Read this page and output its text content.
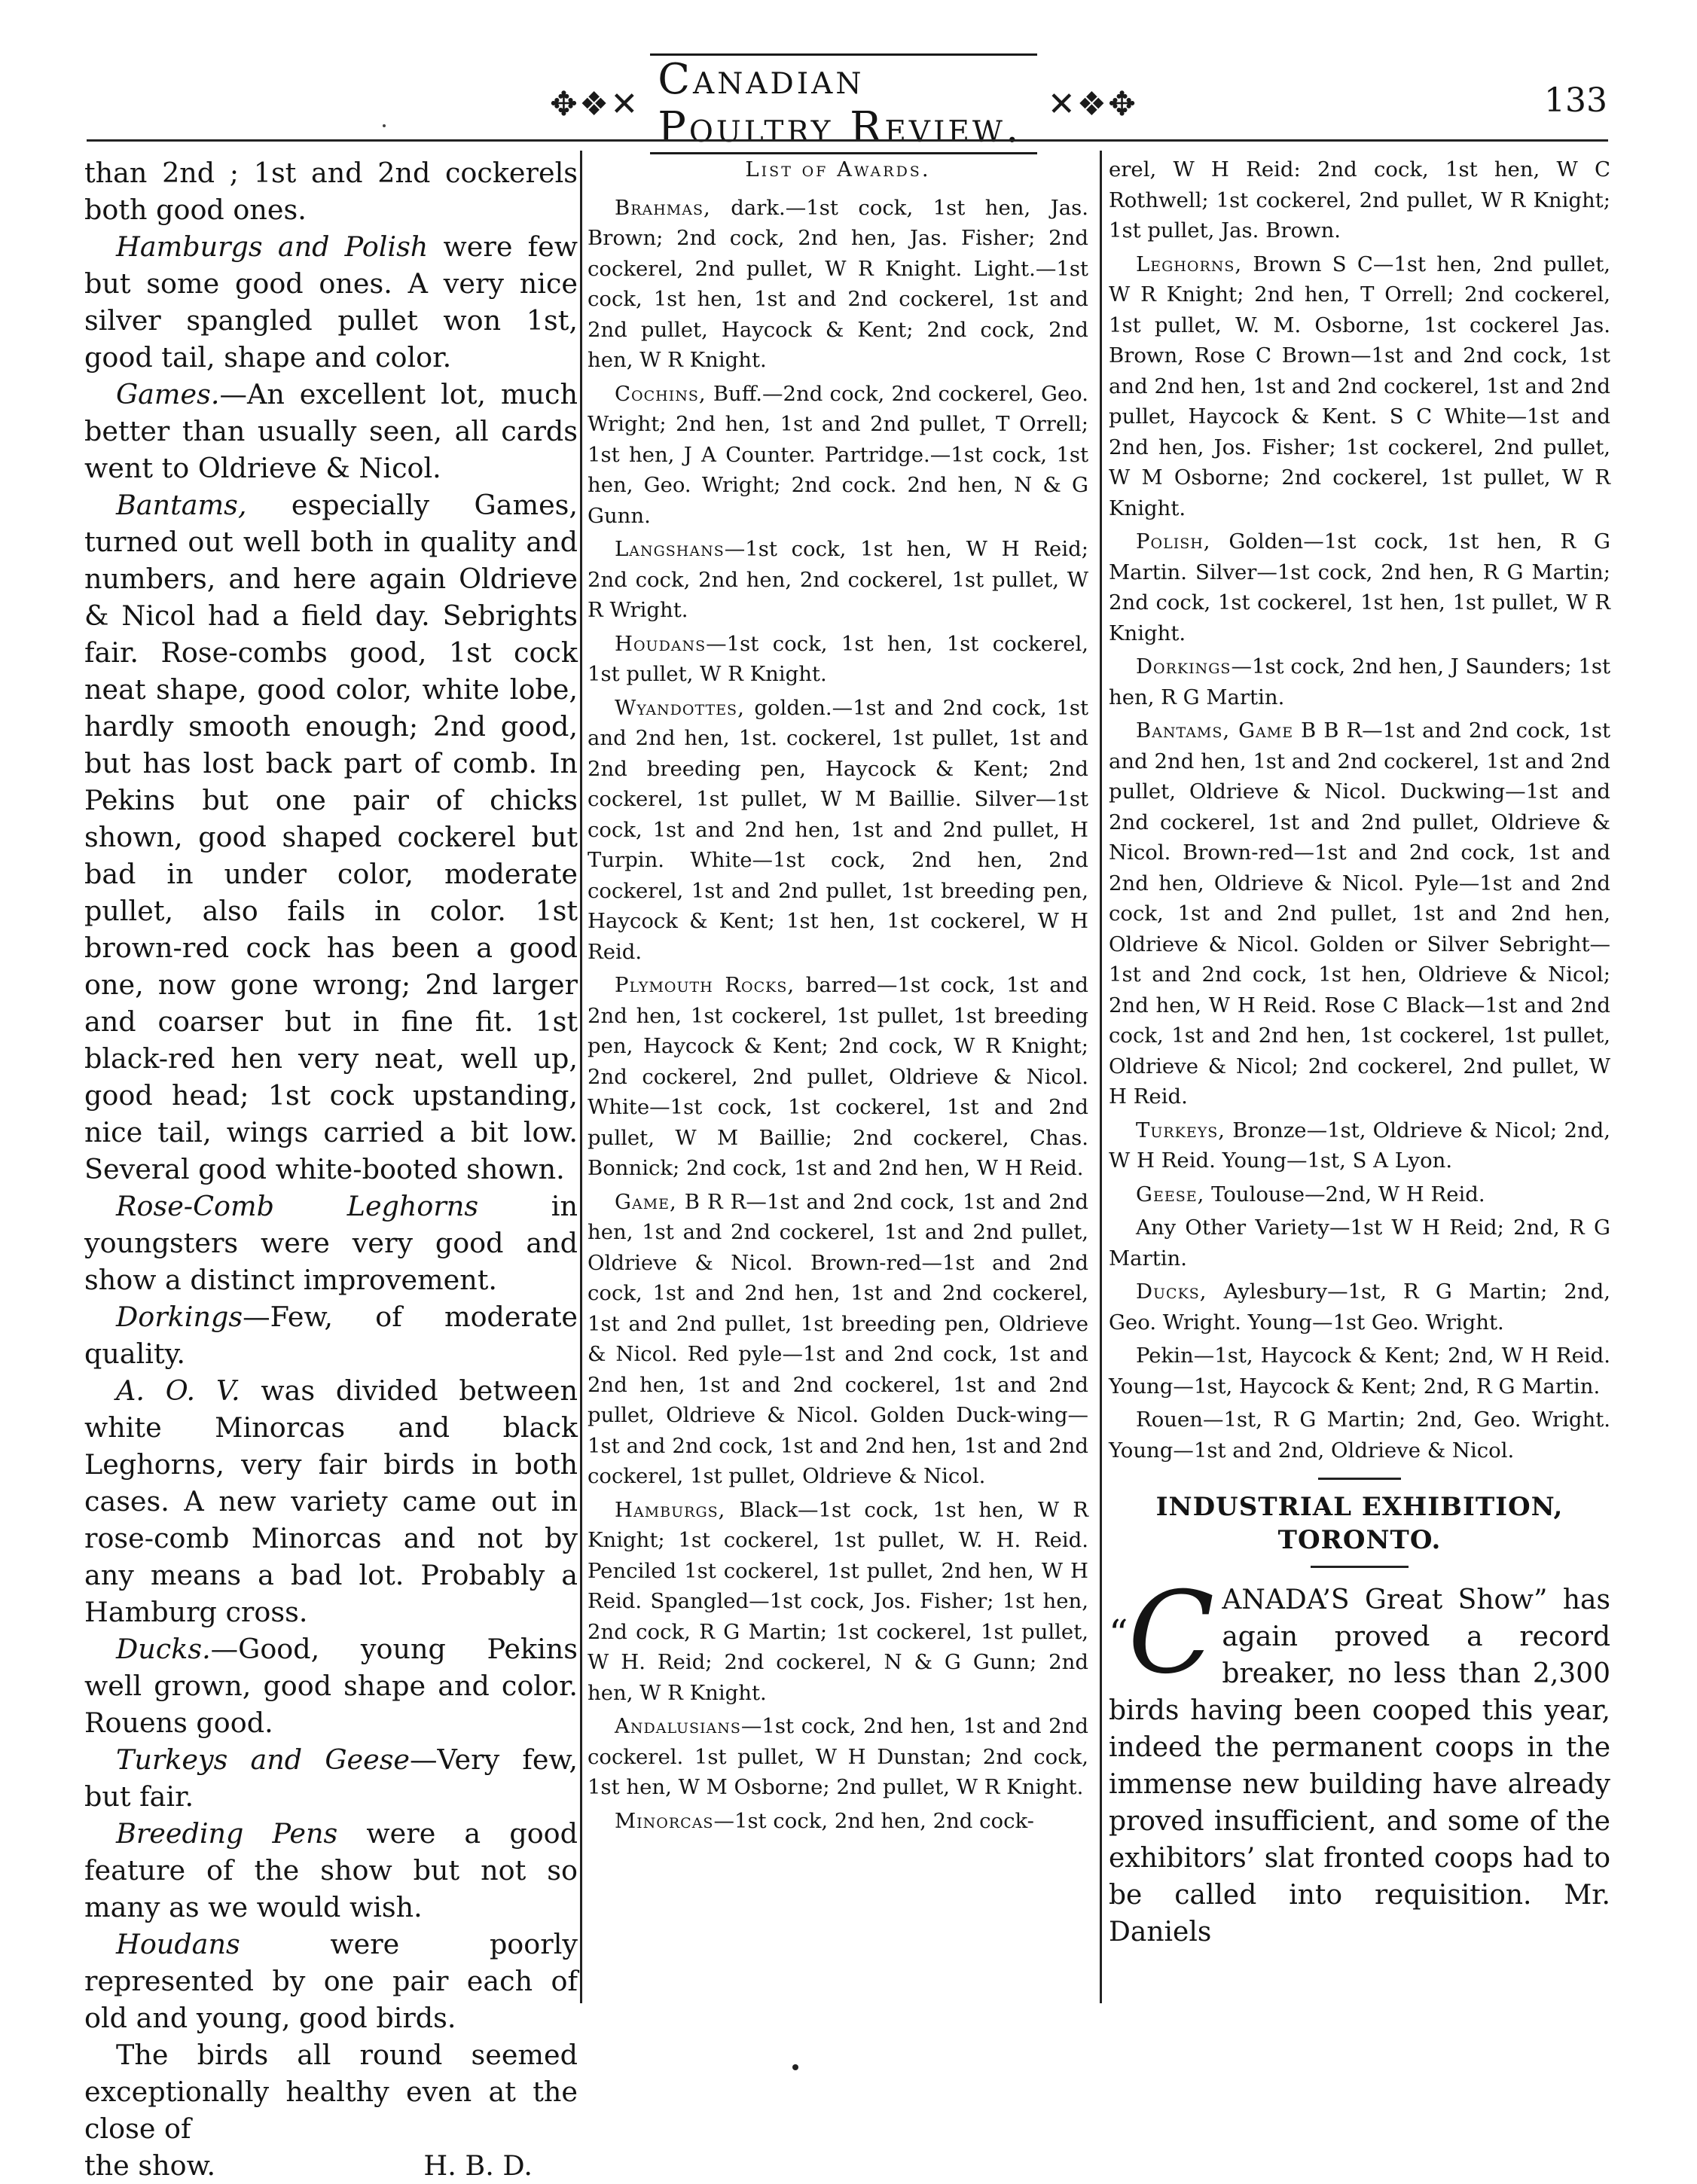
✥❖✕ Canadian Poultry Review. ✕❖✥	133

than 2nd ; 1st and 2nd cockerels both good ones.

Hamburgs and Polish were few but some good ones. A very nice silver spangled pullet won 1st, good tail, shape and color.

Games.—An excellent lot, much better than usually seen, all cards went to Oldrieve & Nicol.

Bantams, especially Games, turned out well both in quality and numbers, and here again Oldrieve & Nicol had a field day. Sebrights fair. Rose-combs good, 1st cock neat shape, good color, white lobe, hardly smooth enough; 2nd good, but has lost back part of comb. In Pekins but one pair of chicks shown, good shaped cockerel but bad in under color, moderate pullet, also fails in color. 1st brown-red cock has been a good one, now gone wrong; 2nd larger and coarser but in fine fit. 1st black-red hen very neat, well up, good head; 1st cock upstanding, nice tail, wings carried a bit low. Several good white-booted shown.

Rose-Comb Leghorns in youngsters were very good and show a distinct improvement.

Dorkings—Few, of moderate quality.

A. O. V. was divided between white Minorcas and black Leghorns, very fair birds in both cases. A new variety came out in rose-comb Minorcas and not by any means a bad lot. Probably a Hamburg cross.

Ducks.—Good, young Pekins well grown, good shape and color. Rouens good.

Turkeys and Geese—Very few, but fair.

Breeding Pens were a good feature of the show but not so many as we would wish.

Houdans were poorly represented by one pair each of old and young, good birds.

The birds all round seemed exceptionally healthy even at the close of

the show.	H. B. D.

List of Awards.

Brahmas, dark.—1st cock, 1st hen, Jas. Brown; 2nd cock, 2nd hen, Jas. Fisher; 2nd cockerel, 2nd pullet, W R Knight. Light.—1st cock, 1st hen, 1st and 2nd cockerel, 1st and 2nd pullet, Haycock & Kent; 2nd cock, 2nd hen, W R Knight.

Cochins, Buff.—2nd cock, 2nd cockerel, Geo. Wright; 2nd hen, 1st and 2nd pullet, T Orrell; 1st hen, J A Counter. Partridge.—1st cock, 1st hen, Geo. Wright; 2nd cock. 2nd hen, N & G Gunn.

Langshans—1st cock, 1st hen, W H Reid; 2nd cock, 2nd hen, 2nd cockerel, 1st pullet, W R Wright.

Houdans—1st cock, 1st hen, 1st cockerel, 1st pullet, W R Knight.

Wyandottes, golden.—1st and 2nd cock, 1st and 2nd hen, 1st. cockerel, 1st pullet, 1st and 2nd breeding pen, Haycock & Kent; 2nd cockerel, 1st pullet, W M Baillie. Silver—1st cock, 1st and 2nd hen, 1st and 2nd pullet, H Turpin. White—1st cock, 2nd hen, 2nd cockerel, 1st and 2nd pullet, 1st breeding pen, Haycock & Kent; 1st hen, 1st cockerel, W H Reid.

Plymouth Rocks, barred—1st cock, 1st and 2nd hen, 1st cockerel, 1st pullet, 1st breeding pen, Haycock & Kent; 2nd cock, W R Knight; 2nd cockerel, 2nd pullet, Oldrieve & Nicol. White—1st cock, 1st cockerel, 1st and 2nd pullet, W M Baillie; 2nd cockerel, Chas. Bonnick; 2nd cock, 1st and 2nd hen, W H Reid.

Game, B R R—1st and 2nd cock, 1st and 2nd hen, 1st and 2nd cockerel, 1st and 2nd pullet, Oldrieve & Nicol. Brown-red—1st and 2nd cock, 1st and 2nd hen, 1st and 2nd cockerel, 1st and 2nd pullet, 1st breeding pen, Oldrieve & Nicol. Red pyle—1st and 2nd cock, 1st and 2nd hen, 1st and 2nd cockerel, 1st and 2nd pullet, Oldrieve & Nicol. Golden Duck-wing—1st and 2nd cock, 1st and 2nd hen, 1st and 2nd cockerel, 1st pullet, Oldrieve & Nicol.

Hamburgs, Black—1st cock, 1st hen, W R Knight; 1st cockerel, 1st pullet, W. H. Reid. Penciled 1st cockerel, 1st pullet, 2nd hen, W H Reid. Spangled—1st cock, Jos. Fisher; 1st hen, 2nd cock, R G Martin; 1st cockerel, 1st pullet, W H. Reid; 2nd cockerel, N & G Gunn; 2nd hen, W R Knight.

Andalusians—1st cock, 2nd hen, 1st and 2nd cockerel. 1st pullet, W H Dunstan; 2nd cock, 1st hen, W M Osborne; 2nd pullet, W R Knight.

Minorcas—1st cock, 2nd hen, 2nd cock-

erel, W H Reid: 2nd cock, 1st hen, W C Rothwell; 1st cockerel, 2nd pullet, W R Knight; 1st pullet, Jas. Brown.

Leghorns, Brown S C—1st hen, 2nd pullet, W R Knight; 2nd hen, T Orrell; 2nd cockerel, 1st pullet, W. M. Osborne, 1st cockerel Jas. Brown, Rose C Brown—1st and 2nd cock, 1st and 2nd hen, 1st and 2nd cockerel, 1st and 2nd pullet, Haycock & Kent. S C White—1st and 2nd hen, Jos. Fisher; 1st cockerel, 2nd pullet, W M Osborne; 2nd cockerel, 1st pullet, W R Knight.

Polish, Golden—1st cock, 1st hen, R G Martin. Silver—1st cock, 2nd hen, R G Martin; 2nd cock, 1st cockerel, 1st hen, 1st pullet, W R Knight.

Dorkings—1st cock, 2nd hen, J Saunders; 1st hen, R G Martin.

Bantams, Game B B R—1st and 2nd cock, 1st and 2nd hen, 1st and 2nd cockerel, 1st and 2nd pullet, Oldrieve & Nicol. Duckwing—1st and 2nd cockerel, 1st and 2nd pullet, Oldrieve & Nicol. Brown-red—1st and 2nd cock, 1st and 2nd hen, Oldrieve & Nicol. Pyle—1st and 2nd cock, 1st and 2nd pullet, 1st and 2nd hen, Oldrieve & Nicol. Golden or Silver Sebright—1st and 2nd cock, 1st hen, Oldrieve & Nicol; 2nd hen, W H Reid. Rose C Black—1st and 2nd cock, 1st and 2nd hen, 1st cockerel, 1st pullet, Oldrieve & Nicol; 2nd cockerel, 2nd pullet, W H Reid.

Turkeys, Bronze—1st, Oldrieve & Nicol; 2nd, W H Reid. Young—1st, S A Lyon.

Geese, Toulouse—2nd, W H Reid.

Any Other Variety—1st W H Reid; 2nd, R G Martin.

Ducks, Aylesbury—1st, R G Martin; 2nd, Geo. Wright. Young—1st Geo. Wright.

Pekin—1st, Haycock & Kent; 2nd, W H Reid. Young—1st, Haycock & Kent; 2nd, R G Martin.

Rouen—1st, R G Martin; 2nd, Geo. Wright. Young—1st and 2nd, Oldrieve & Nicol.

INDUSTRIAL EXHIBITION, TORONTO.
“C ANADA’S Great Show” has again proved a record breaker, no less than 2,300 birds having been cooped this year, indeed the permanent coops in the immense new building have already proved insufficient, and some of the exhibitors’ slat fronted coops had to be called into requisition. Mr. Daniels
